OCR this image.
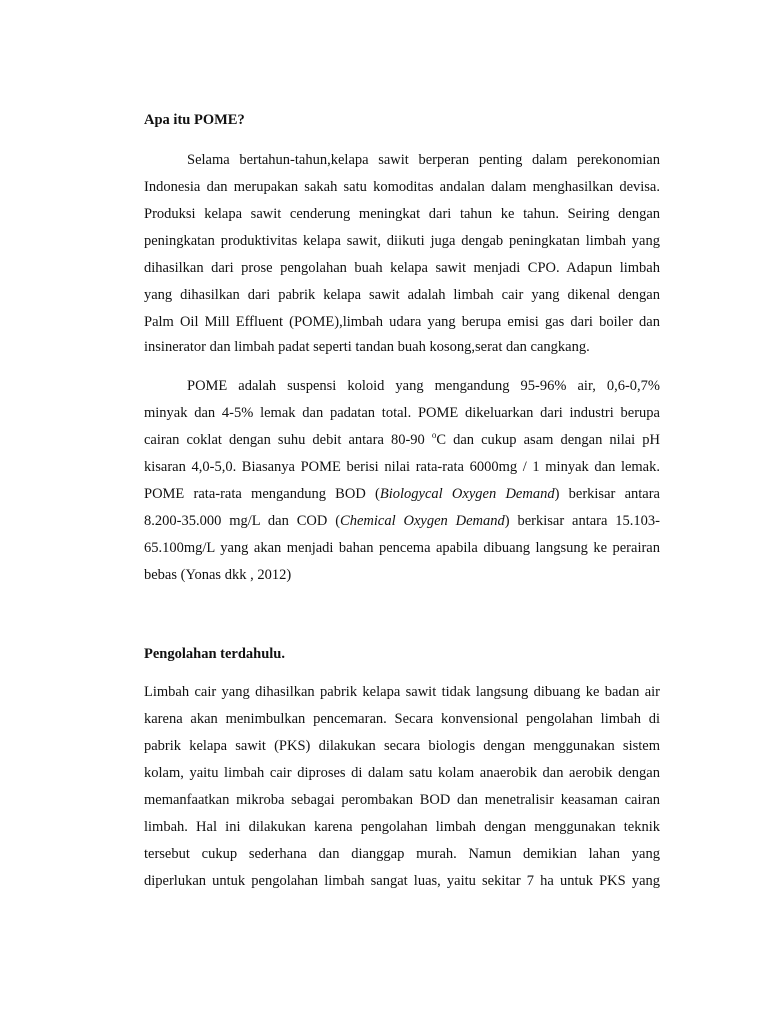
Apa itu POME?
Selama bertahun-tahun,kelapa sawit berperan penting dalam perekonomian
Indonesia dan merupakan sakah satu komoditas andalan dalam menghasilkan devisa.
Produksi kelapa sawit cenderung meningkat dari tahun ke tahun. Seiring dengan
peningkatan produktivitas kelapa sawit, diikuti juga dengab peningkatan limbah yang
dihasilkan dari prose pengolahan buah kelapa sawit menjadi CPO. Adapun limbah
yang dihasilkan dari pabrik kelapa sawit adalah limbah cair yang dikenal dengan
Palm Oil Mill Effluent (POME),limbah udara yang berupa emisi gas dari boiler dan
insinerator dan limbah padat seperti tandan buah kosong,serat dan cangkang.
POME adalah suspensi koloid yang mengandung 95-96% air, 0,6-0,7%
minyak dan 4-5% lemak dan padatan total. POME dikeluarkan dari industri berupa
cairan coklat dengan suhu debit antara 80-90 $^o$C dan cukup asam dengan nilai pH
kisaran 4,0-5,0. Biasanya POME berisi nilai rata-rata 6000mg / 1 minyak dan lemak.
POME rata-rata mengandung BOD (Biologycal Oxygen Demand) berkisar antara
8.200-35.000 mg/L dan COD (Chemical Oxygen Demand) berkisar antara 15.103-
65.100mg/L yang akan menjadi bahan pencema apabila dibuang langsung ke perairan
bebas (Yonas dkk , 2012)
Pengolahan terdahulu.
Limbah cair yang dihasilkan pabrik kelapa sawit tidak langsung dibuang ke badan air
karena akan menimbulkan pencemaran. Secara konvensional pengolahan limbah di
pabrik kelapa sawit (PKS) dilakukan secara biologis dengan menggunakan sistem
kolam, yaitu limbah cair diproses di dalam satu kolam anaerobik dan aerobik dengan
memanfaatkan mikroba sebagai perombakan BOD dan menetralisir keasaman cairan
limbah. Hal ini dilakukan karena pengolahan limbah dengan menggunakan teknik
tersebut cukup sederhana dan dianggap murah. Namun demikian lahan yang
diperlukan untuk pengolahan limbah sangat luas, yaitu sekitar 7 ha untuk PKS yang
